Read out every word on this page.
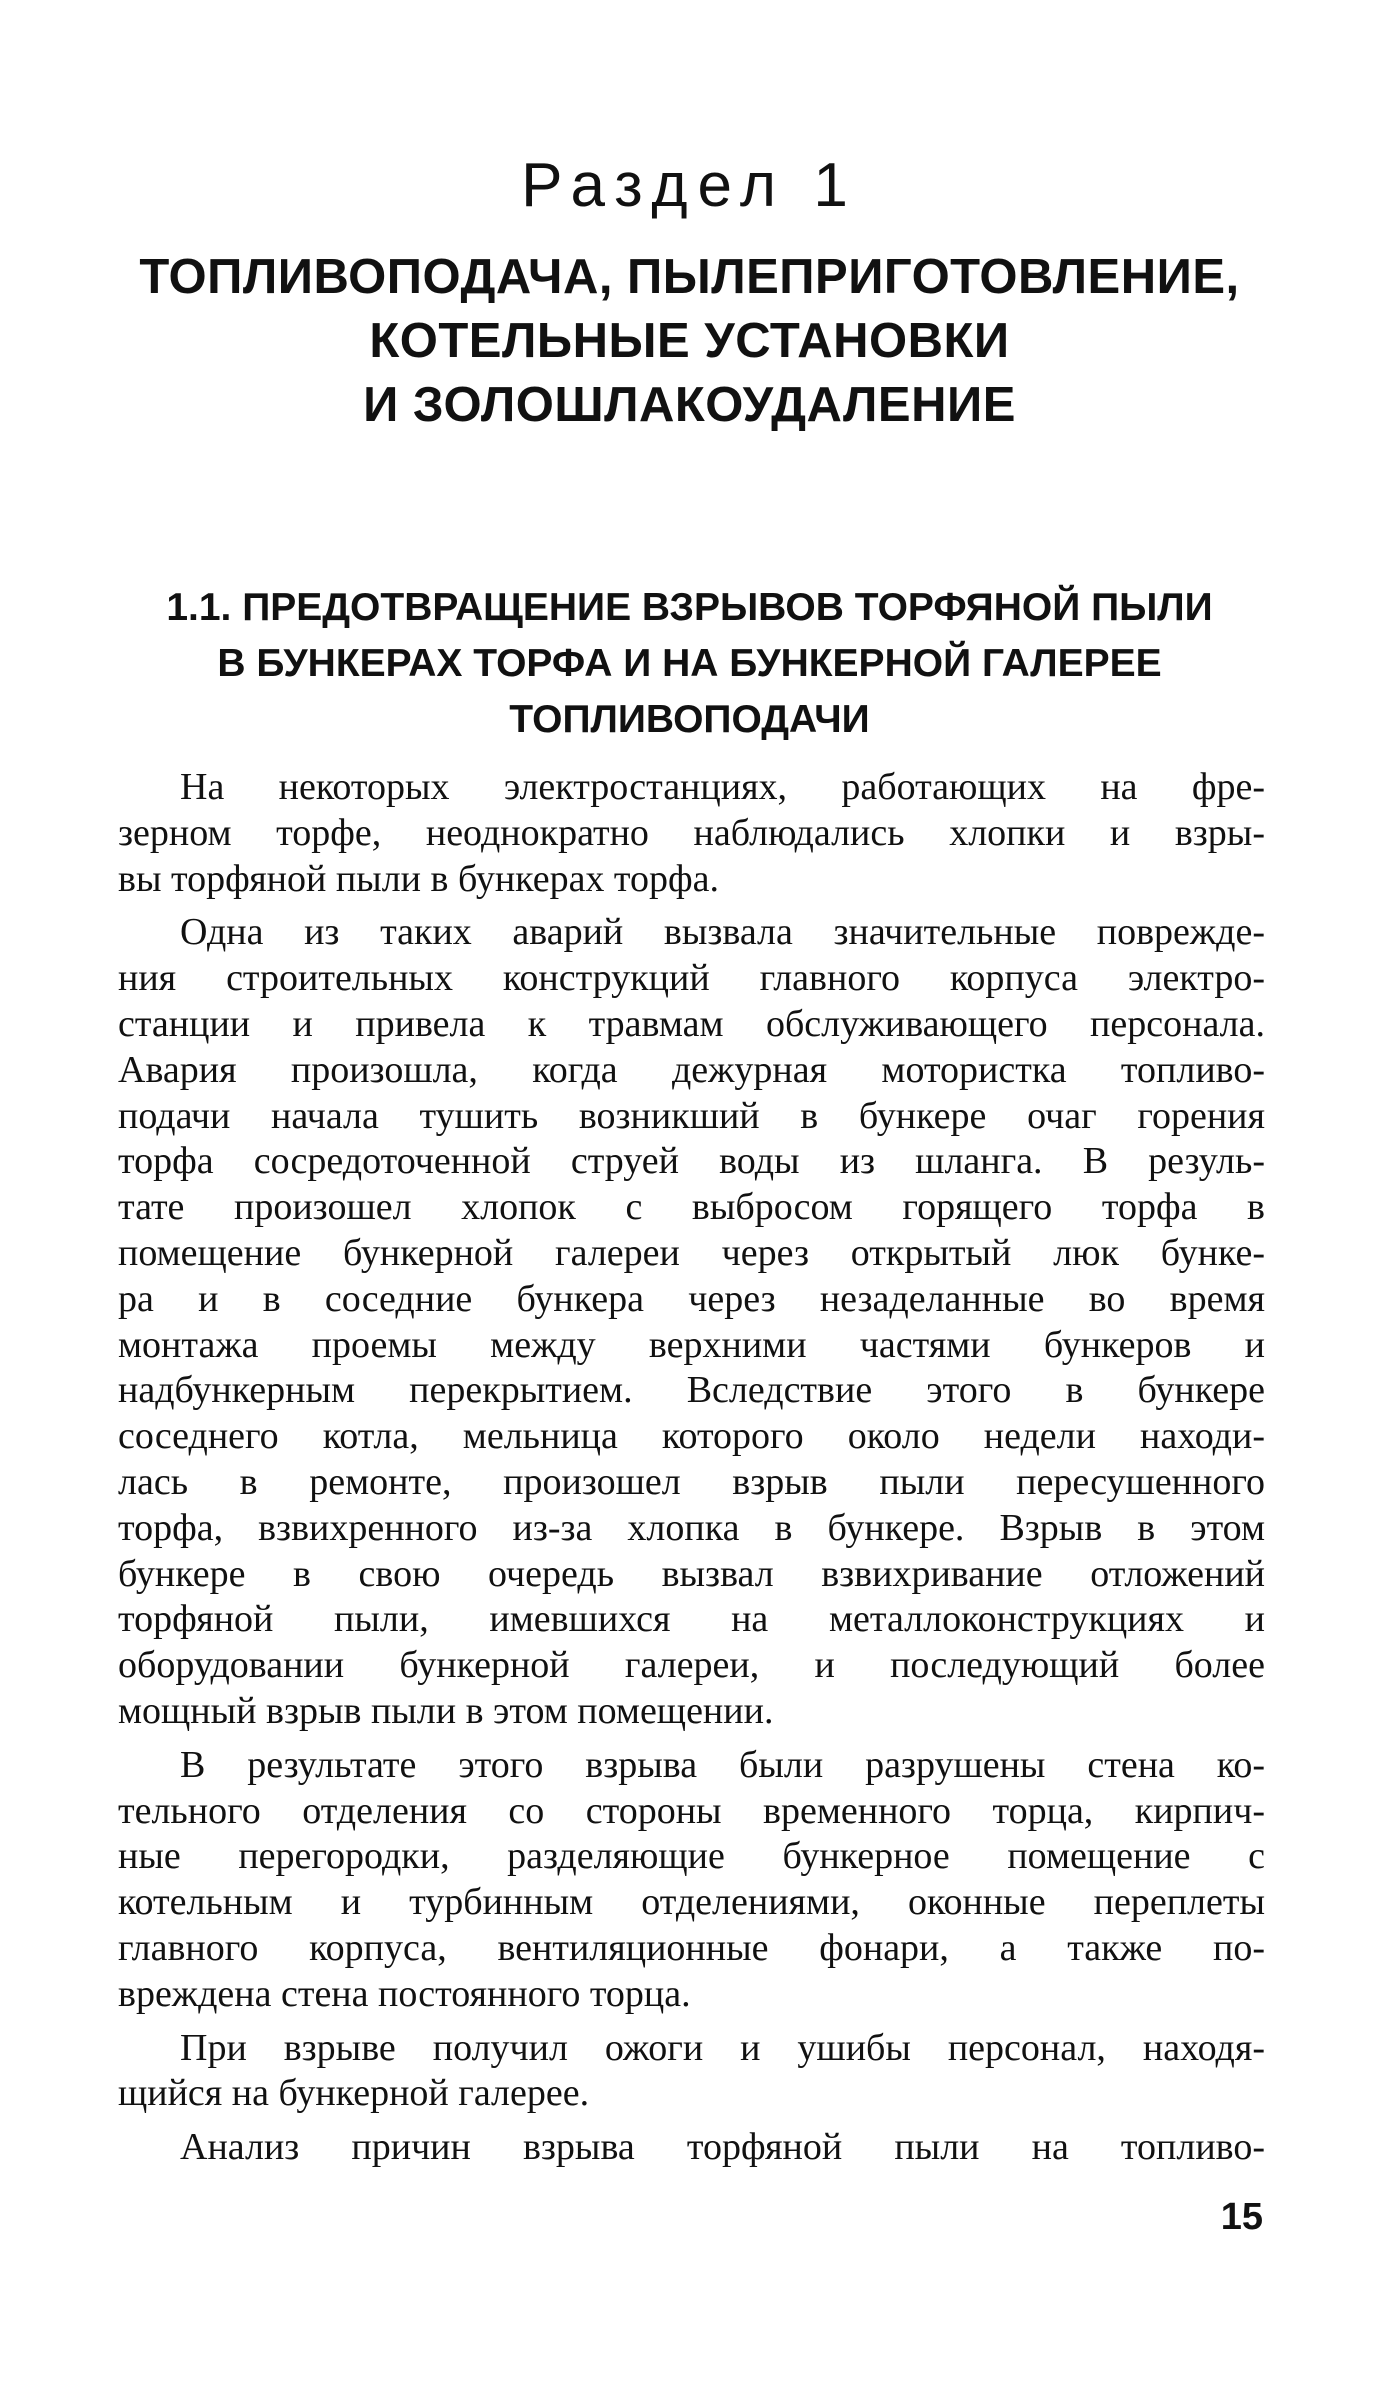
Раздел 1
ТОПЛИВОПОДАЧА, ПЫЛЕПРИГОТОВЛЕНИЕ,
КОТЕЛЬНЫЕ УСТАНОВКИ
И ЗОЛОШЛАКОУДАЛЕНИЕ
1.1. ПРЕДОТВРАЩЕНИЕ ВЗРЫВОВ ТОРФЯНОЙ ПЫЛИ
В БУНКЕРАХ ТОРФА И НА БУНКЕРНОЙ ГАЛЕРЕЕ
ТОПЛИВОПОДАЧИ
На некоторых электростанциях, работающих на фре-
зерном торфе, неоднократно наблюдались хлопки и взры-
вы торфяной пыли в бункерах торфа.
Одна из таких аварий вызвала значительные поврежде-
ния строительных конструкций главного корпуса электро-
станции и привела к травмам обслуживающего персонала.
Авария произошла, когда дежурная мотористка топливо-
подачи начала тушить возникший в бункере очаг горения
торфа сосредоточенной струей воды из шланга. В резуль-
тате произошел хлопок с выбросом горящего торфа в
помещение бункерной галереи через открытый люк бунке-
ра и в соседние бункера через незаделанные во время
монтажа проемы между верхними частями бункеров и
надбункерным перекрытием. Вследствие этого в бункере
соседнего котла, мельница которого около недели находи-
лась в ремонте, произошел взрыв пыли пересушенного
торфа, взвихренного из-за хлопка в бункере. Взрыв в этом
бункере в свою очередь вызвал взвихривание отложений
торфяной пыли, имевшихся на металлоконструкциях и
оборудовании бункерной галереи, и последующий более
мощный взрыв пыли в этом помещении.
В результате этого взрыва были разрушены стена ко-
тельного отделения со стороны временного торца, кирпич-
ные перегородки, разделяющие бункерное помещение с
котельным и турбинным отделениями, оконные переплеты
главного корпуса, вентиляционные фонари, а также по-
вреждена стена постоянного торца.
При взрыве получил ожоги и ушибы персонал, находя-
щийся на бункерной галерее.
Анализ причин взрыва торфяной пыли на топливо-
15
